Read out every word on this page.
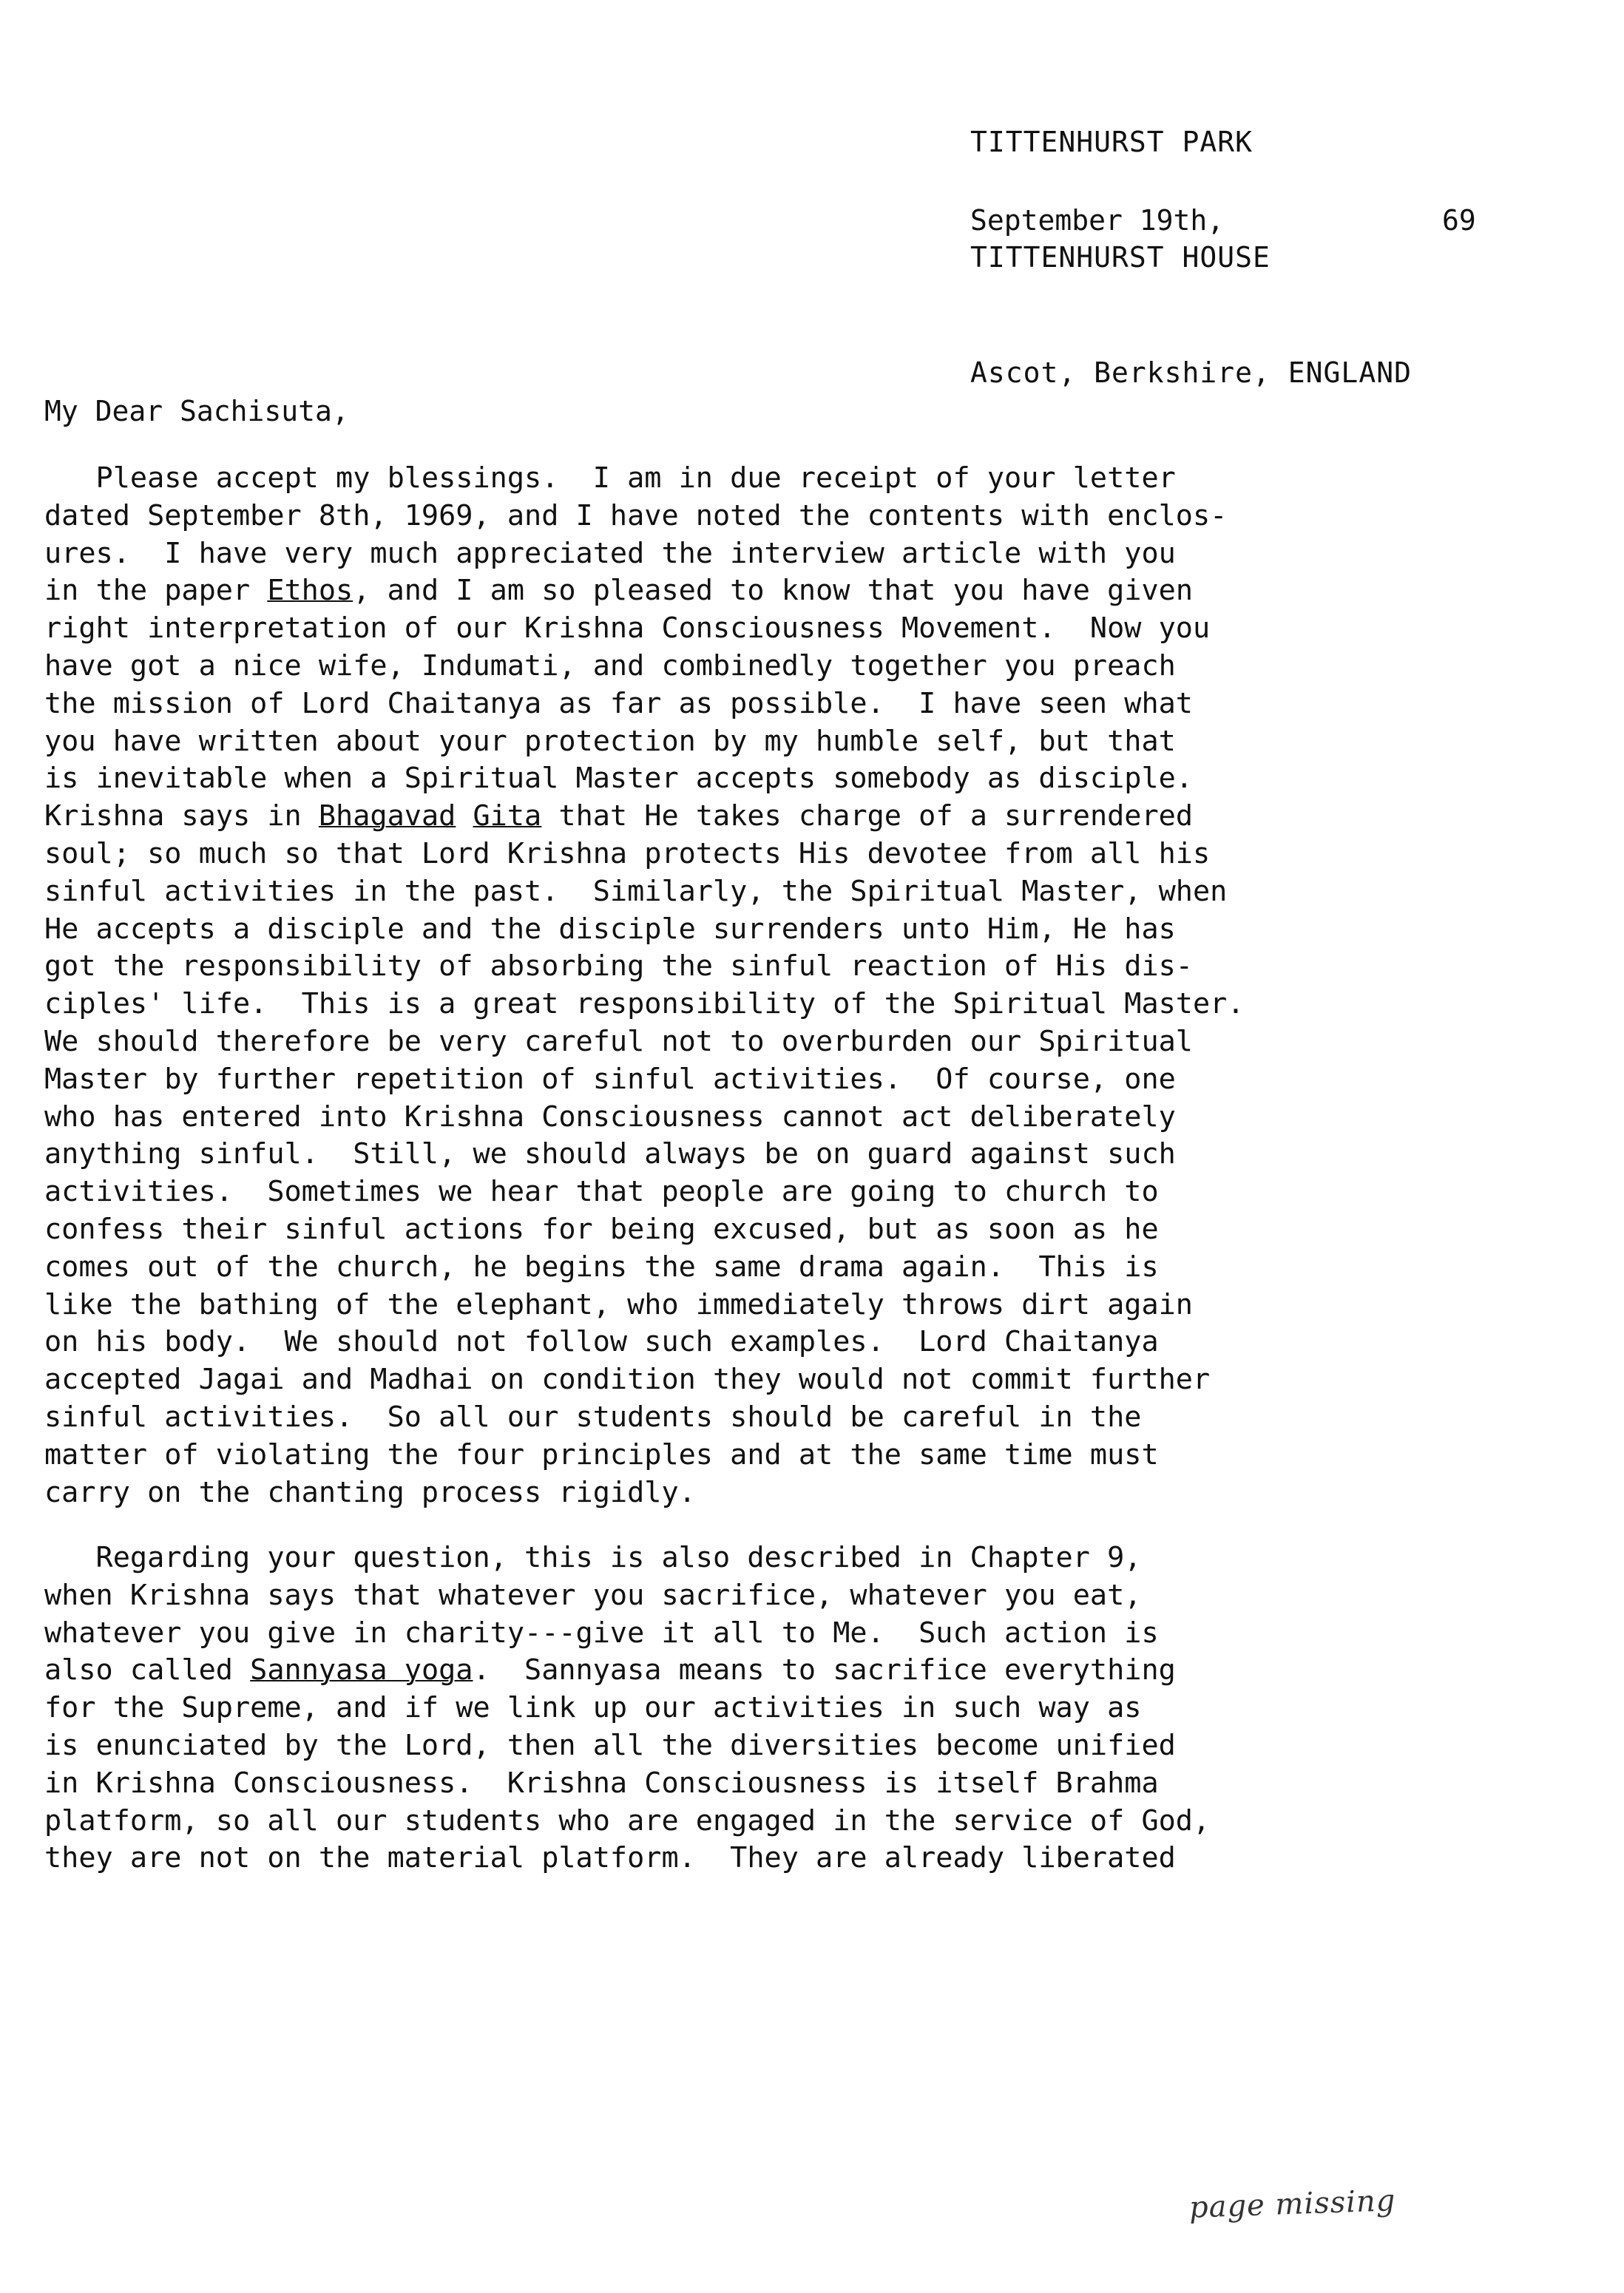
TITTENHURST PARK

TITTENHURST HOUSE

Ascot, Berkshire, ENGLAND

September 19th,	69
My Dear Sachisuta,
Please accept my blessings.  I am in due receipt of your letter
dated September 8th, 1969, and I have noted the contents with enclos-
ures.  I have very much appreciated the interview article with you
in the paper Ethos, and I am so pleased to know that you have given
right interpretation of our Krishna Consciousness Movement.  Now you
have got a nice wife, Indumati, and combinedly together you preach
the mission of Lord Chaitanya as far as possible.  I have seen what
you have written about your protection by my humble self, but that
is inevitable when a Spiritual Master accepts somebody as disciple.
Krishna says in Bhagavad Gita that He takes charge of a surrendered
soul; so much so that Lord Krishna protects His devotee from all his
sinful activities in the past.  Similarly, the Spiritual Master, when
He accepts a disciple and the disciple surrenders unto Him, He has
got the responsibility of absorbing the sinful reaction of His dis-
ciples' life.  This is a great responsibility of the Spiritual Master.
We should therefore be very careful not to overburden our Spiritual
Master by further repetition of sinful activities.  Of course, one
who has entered into Krishna Consciousness cannot act deliberately
anything sinful.  Still, we should always be on guard against such
activities.  Sometimes we hear that people are going to church to
confess their sinful actions for being excused, but as soon as he
comes out of the church, he begins the same drama again.  This is
like the bathing of the elephant, who immediately throws dirt again
on his body.  We should not follow such examples.  Lord Chaitanya
accepted Jagai and Madhai on condition they would not commit further
sinful activities.  So all our students should be careful in the
matter of violating the four principles and at the same time must
carry on the chanting process rigidly.
Regarding your question, this is also described in Chapter 9,
when Krishna says that whatever you sacrifice, whatever you eat,
whatever you give in charity---give it all to Me.  Such action is
also called Sannyasa yoga.  Sannyasa means to sacrifice everything
for the Supreme, and if we link up our activities in such way as
is enunciated by the Lord, then all the diversities become unified
in Krishna Consciousness.  Krishna Consciousness is itself Brahma
platform, so all our students who are engaged in the service of God,
they are not on the material platform.  They are already liberated
page missing
